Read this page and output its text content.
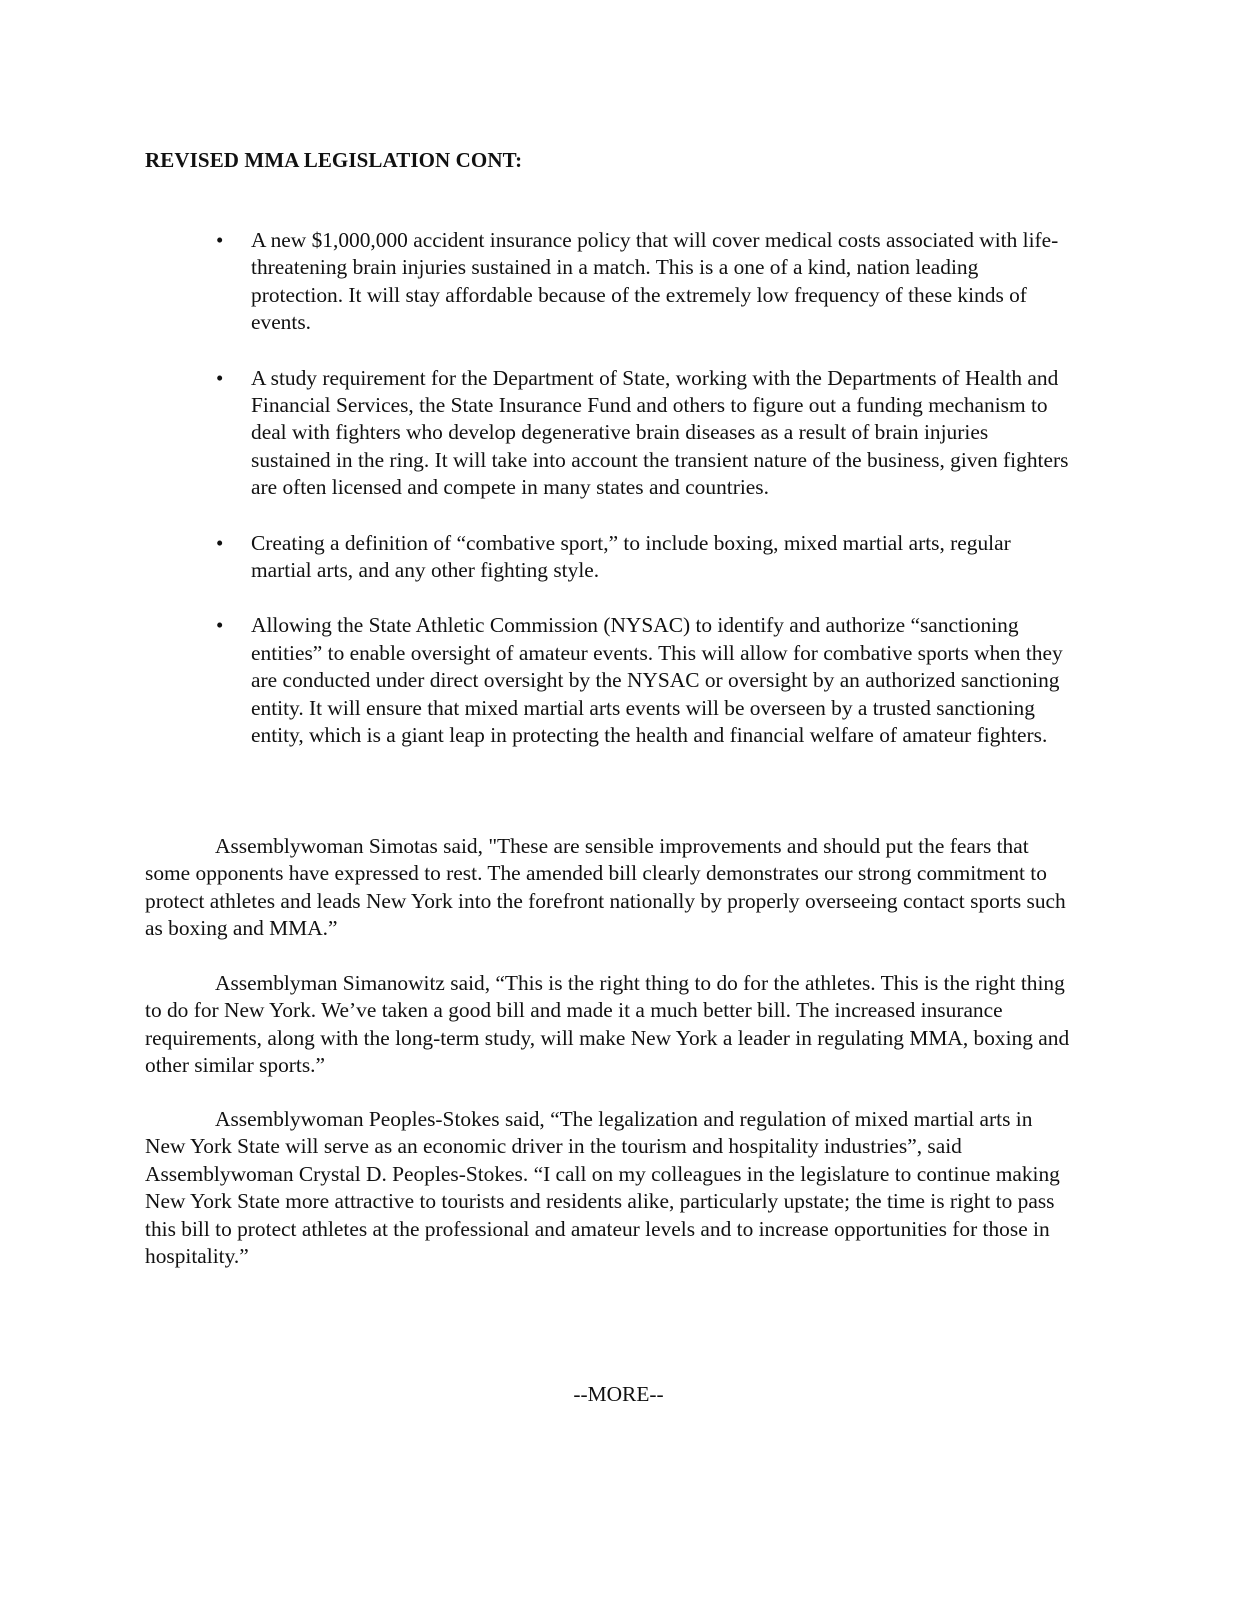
REVISED MMA LEGISLATION CONT:
• A new $1,000,000 accident insurance policy that will cover medical costs associated with life-threatening brain injuries sustained in a match. This is a one of a kind, nation leading protection. It will stay affordable because of the extremely low frequency of these kinds of events.
• A study requirement for the Department of State, working with the Departments of Health and Financial Services, the State Insurance Fund and others to figure out a funding mechanism to deal with fighters who develop degenerative brain diseases as a result of brain injuries sustained in the ring. It will take into account the transient nature of the business, given fighters are often licensed and compete in many states and countries.
• Creating a definition of “combative sport,” to include boxing, mixed martial arts, regular martial arts, and any other fighting style.
• Allowing the State Athletic Commission (NYSAC) to identify and authorize “sanctioning entities” to enable oversight of amateur events. This will allow for combative sports when they are conducted under direct oversight by the NYSAC or oversight by an authorized sanctioning entity. It will ensure that mixed martial arts events will be overseen by a trusted sanctioning entity, which is a giant leap in protecting the health and financial welfare of amateur fighters.

Assemblywoman Simotas said, "These are sensible improvements and should put the fears that some opponents have expressed to rest. The amended bill clearly demonstrates our strong commitment to protect athletes and leads New York into the forefront nationally by properly overseeing contact sports such as boxing and MMA.”

Assemblyman Simanowitz said, “This is the right thing to do for the athletes. This is the right thing to do for New York. We’ve taken a good bill and made it a much better bill. The increased insurance requirements, along with the long-term study, will make New York a leader in regulating MMA, boxing and other similar sports.”

Assemblywoman Peoples-Stokes said, “The legalization and regulation of mixed martial arts in New York State will serve as an economic driver in the tourism and hospitality industries”, said Assemblywoman Crystal D. Peoples-Stokes. “I call on my colleagues in the legislature to continue making New York State more attractive to tourists and residents alike, particularly upstate; the time is right to pass this bill to protect athletes at the professional and amateur levels and to increase opportunities for those in hospitality.”

--MORE--
